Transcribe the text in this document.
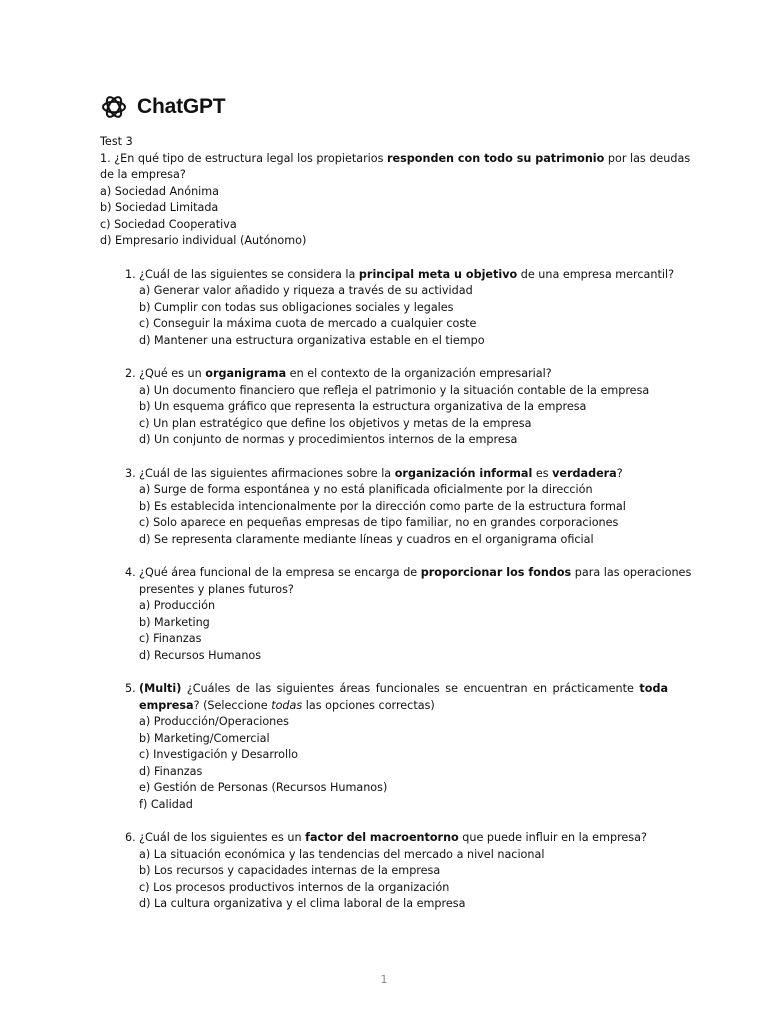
ChatGPT
Test 3
1. ¿En qué tipo de estructura legal los propietarios responden con todo su patrimonio por las deudas
de la empresa?
a) Sociedad Anónima
b) Sociedad Limitada
c) Sociedad Cooperativa
d) Empresario individual (Autónomo)
1. ¿Cuál de las siguientes se considera la principal meta u objetivo de una empresa mercantil?
a) Generar valor añadido y riqueza a través de su actividad
b) Cumplir con todas sus obligaciones sociales y legales
c) Conseguir la máxima cuota de mercado a cualquier coste
d) Mantener una estructura organizativa estable en el tiempo
2. ¿Qué es un organigrama en el contexto de la organización empresarial?
a) Un documento financiero que refleja el patrimonio y la situación contable de la empresa
b) Un esquema gráfico que representa la estructura organizativa de la empresa
c) Un plan estratégico que define los objetivos y metas de la empresa
d) Un conjunto de normas y procedimientos internos de la empresa
3. ¿Cuál de las siguientes afirmaciones sobre la organización informal es verdadera?
a) Surge de forma espontánea y no está planificada oficialmente por la dirección
b) Es establecida intencionalmente por la dirección como parte de la estructura formal
c) Solo aparece en pequeñas empresas de tipo familiar, no en grandes corporaciones
d) Se representa claramente mediante líneas y cuadros en el organigrama oficial
4. ¿Qué área funcional de la empresa se encarga de proporcionar los fondos para las operaciones
presentes y planes futuros?
a) Producción
b) Marketing
c) Finanzas
d) Recursos Humanos
5. (Multi) ¿Cuáles de las siguientes áreas funcionales se encuentran en prácticamente toda
empresa? (Seleccione todas las opciones correctas)
a) Producción/Operaciones
b) Marketing/Comercial
c) Investigación y Desarrollo
d) Finanzas
e) Gestión de Personas (Recursos Humanos)
f) Calidad
6. ¿Cuál de los siguientes es un factor del macroentorno que puede influir en la empresa?
a) La situación económica y las tendencias del mercado a nivel nacional
b) Los recursos y capacidades internas de la empresa
c) Los procesos productivos internos de la organización
d) La cultura organizativa y el clima laboral de la empresa
1
